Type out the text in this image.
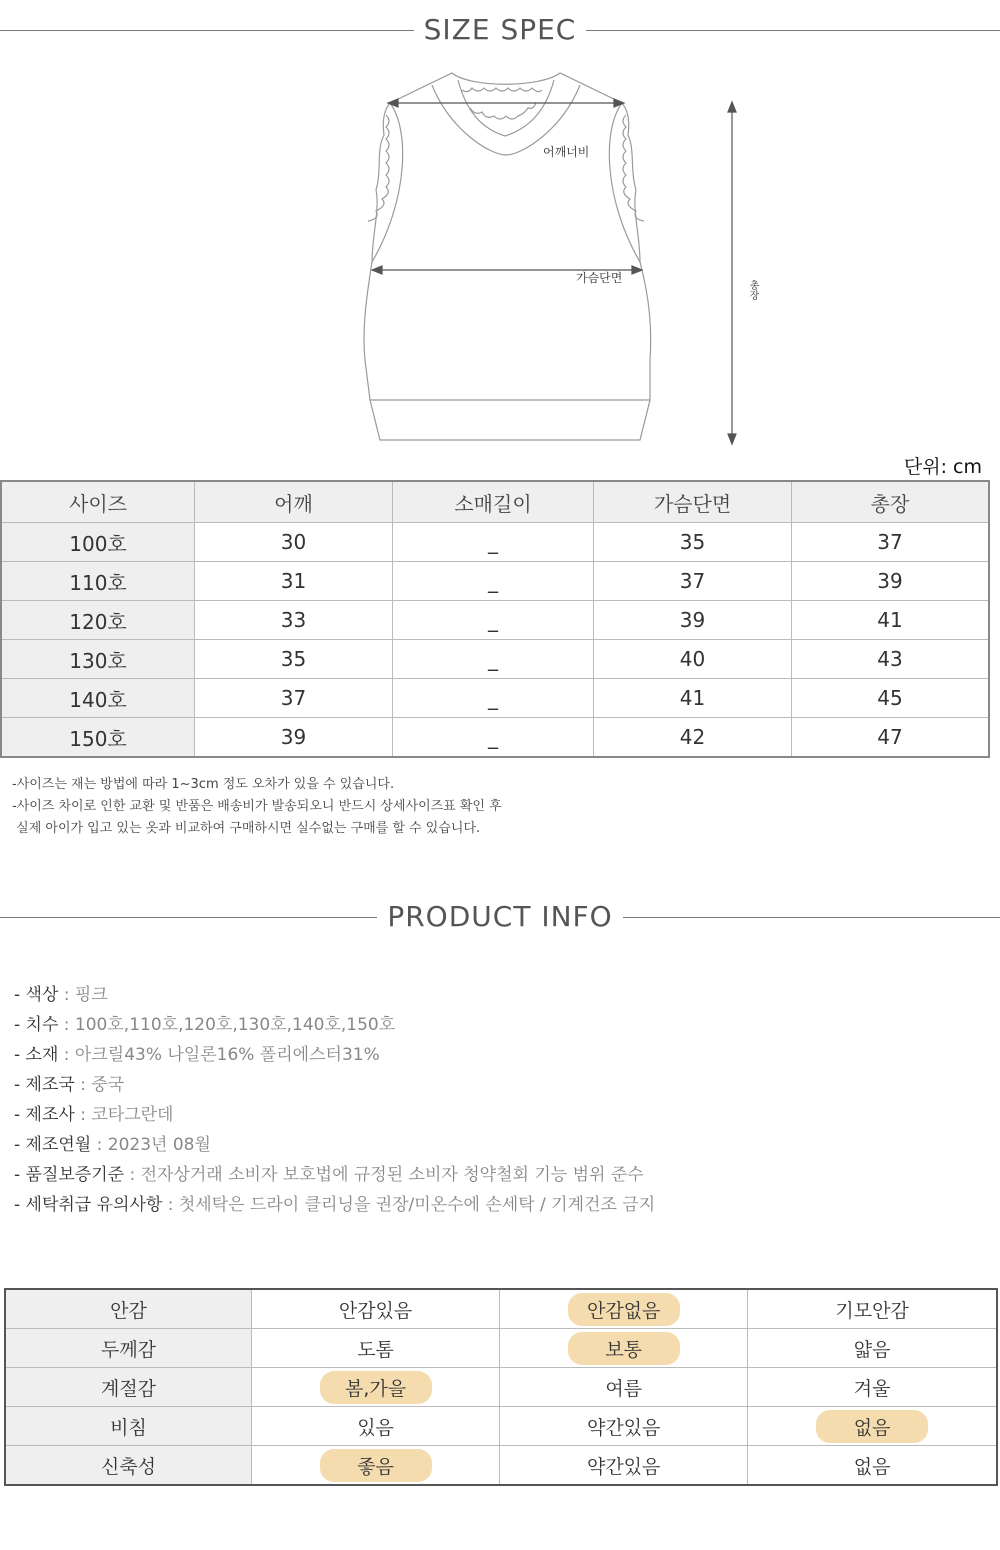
SIZE SPEC
어깨너비
가슴단면
총장
단위: cm
사이즈	어깨	소매길이	가슴단면	총장
100호	30	_	35	37
110호	31	_	37	39
120호	33	_	39	41
130호	35	_	40	43
140호	37	_	41	45
150호	39	_	42	47
-사이즈는 재는 방법에 따라 1~3cm 정도 오차가 있을 수 있습니다.
-사이즈 차이로 인한 교환 및 반품은 배송비가 발송되오니 반드시 상세사이즈표 확인 후
실제 아이가 입고 있는 옷과 비교하여 구매하시면 실수없는 구매를 할 수 있습니다.
PRODUCT INFO
- 색상 : 핑크
- 치수 : 100호,110호,120호,130호,140호,150호
- 소재 : 아크릴43% 나일론16% 폴리에스터31%
- 제조국 : 중국
- 제조사 : 코타그란데
- 제조연월 : 2023년 08월
- 품질보증기준 : 전자상거래 소비자 보호법에 규정된 소비자 청약철회 기능 범위 준수
- 세탁취급 유의사항 : 첫세탁은 드라이 클리닝을 권장/미온수에 손세탁 / 기계건조 금지
안감	안감있음	안감없음	기모안감
두께감	도톰	보통	얇음
계절감	봄,가을	여름	겨울
비침	있음	약간있음	없음
신축성	좋음	약간있음	없음
